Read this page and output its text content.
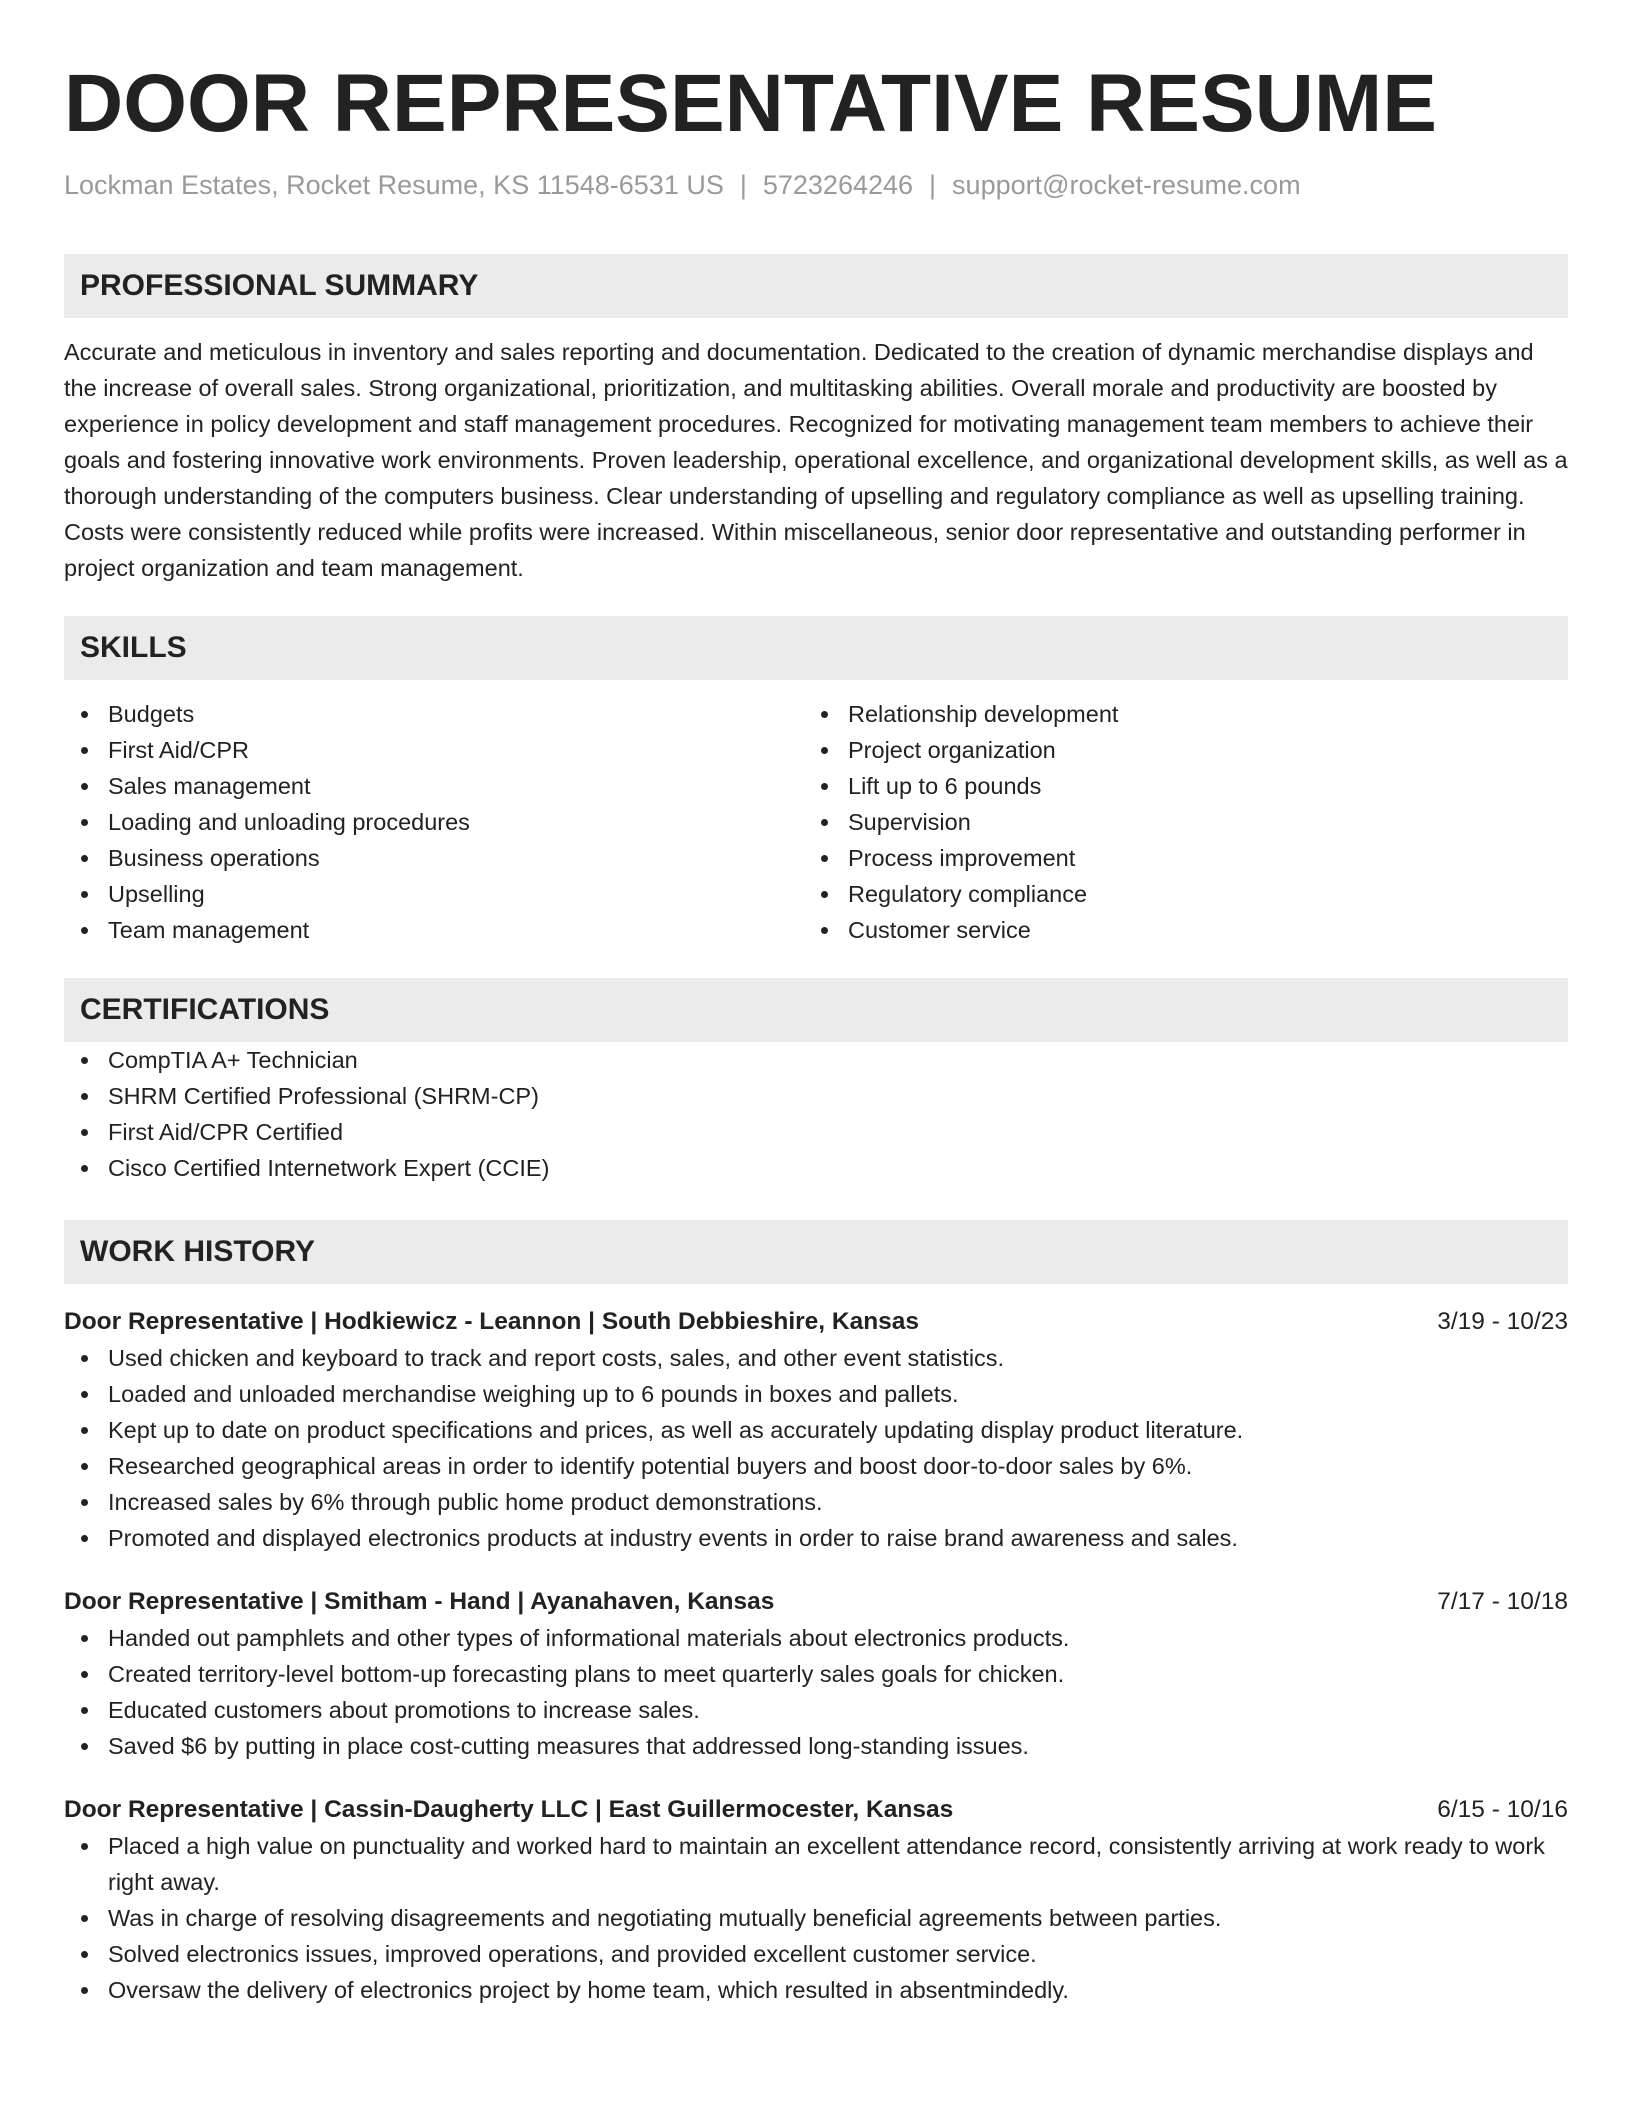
DOOR REPRESENTATIVE RESUME
Lockman Estates, Rocket Resume, KS 11548-6531 US | 5723264246 | support@rocket-resume.com
PROFESSIONAL SUMMARY
Accurate and meticulous in inventory and sales reporting and documentation. Dedicated to the creation of dynamic merchandise displays and the increase of overall sales. Strong organizational, prioritization, and multitasking abilities. Overall morale and productivity are boosted by experience in policy development and staff management procedures. Recognized for motivating management team members to achieve their goals and fostering innovative work environments. Proven leadership, operational excellence, and organizational development skills, as well as a thorough understanding of the computers business. Clear understanding of upselling and regulatory compliance as well as upselling training. Costs were consistently reduced while profits were increased. Within miscellaneous, senior door representative and outstanding performer in project organization and team management.
SKILLS
Budgets
First Aid/CPR
Sales management
Loading and unloading procedures
Business operations
Upselling
Team management
Relationship development
Project organization
Lift up to 6 pounds
Supervision
Process improvement
Regulatory compliance
Customer service
CERTIFICATIONS
CompTIA A+ Technician
SHRM Certified Professional (SHRM-CP)
First Aid/CPR Certified
Cisco Certified Internetwork Expert (CCIE)
WORK HISTORY
Door Representative | Hodkiewicz - Leannon | South Debbieshire, Kansas	3/19 - 10/23
Used chicken and keyboard to track and report costs, sales, and other event statistics.
Loaded and unloaded merchandise weighing up to 6 pounds in boxes and pallets.
Kept up to date on product specifications and prices, as well as accurately updating display product literature.
Researched geographical areas in order to identify potential buyers and boost door-to-door sales by 6%.
Increased sales by 6% through public home product demonstrations.
Promoted and displayed electronics products at industry events in order to raise brand awareness and sales.
Door Representative | Smitham - Hand | Ayanahaven, Kansas	7/17 - 10/18
Handed out pamphlets and other types of informational materials about electronics products.
Created territory-level bottom-up forecasting plans to meet quarterly sales goals for chicken.
Educated customers about promotions to increase sales.
Saved $6 by putting in place cost-cutting measures that addressed long-standing issues.
Door Representative | Cassin-Daugherty LLC | East Guillermocester, Kansas	6/15 - 10/16
Placed a high value on punctuality and worked hard to maintain an excellent attendance record, consistently arriving at work ready to work right away.
Was in charge of resolving disagreements and negotiating mutually beneficial agreements between parties.
Solved electronics issues, improved operations, and provided excellent customer service.
Oversaw the delivery of electronics project by home team, which resulted in absentmindedly.
